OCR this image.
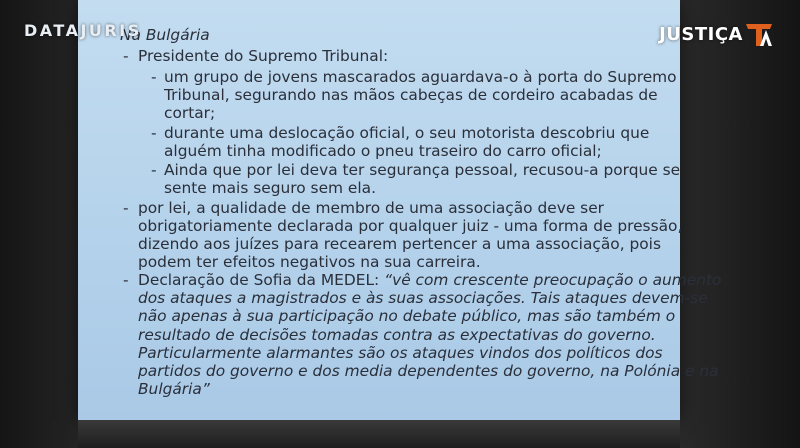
Na Bulgária
- Presidente do Supremo Tribunal:
- um grupo de jovens mascarados aguardava-o à porta do Supremo
Tribunal, segurando nas mãos cabeças de cordeiro acabadas de
cortar;
- durante uma deslocação oficial, o seu motorista descobriu que
alguém tinha modificado o pneu traseiro do carro oficial;
- Ainda que por lei deva ter segurança pessoal, recusou-a porque se
sente mais seguro sem ela.
- por lei, a qualidade de membro de uma associação deve ser
obrigatoriamente declarada por qualquer juiz - uma forma de pressão,
dizendo aos juízes para recearem pertencer a uma associação, pois
podem ter efeitos negativos na sua carreira.
- Declaração de Sofia da MEDEL: “vê com crescente preocupação o aumento
dos ataques a magistrados e às suas associações. Tais ataques devem-se
não apenas à sua participação no debate público, mas são também o
resultado de decisões tomadas contra as expectativas do governo.
Particularmente alarmantes são os ataques vindos dos políticos dos
partidos do governo e dos media dependentes do governo, na Polónia e na
Bulgária”
DATAJURIS	JUSTIÇA
